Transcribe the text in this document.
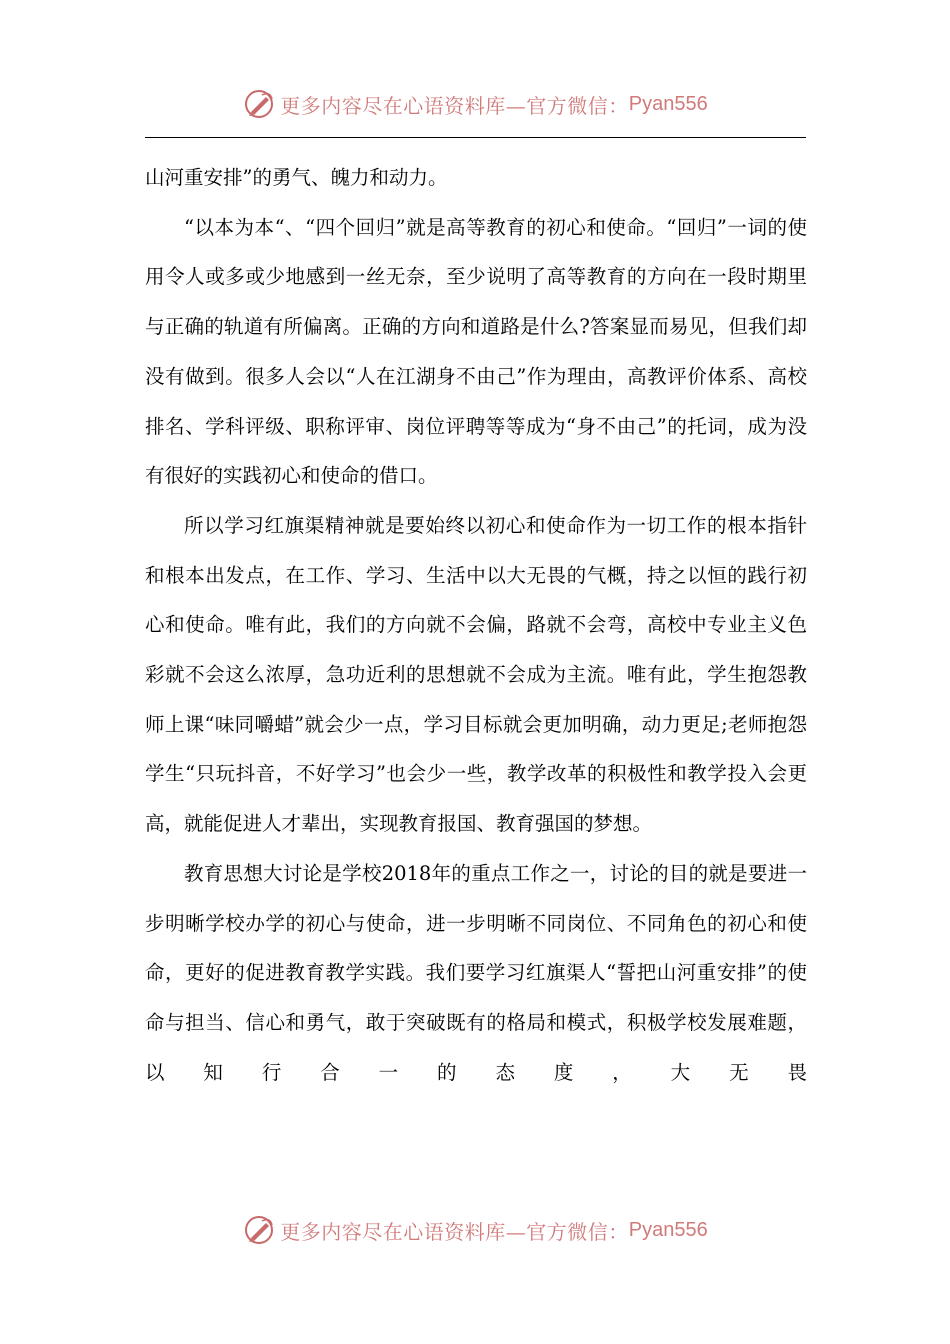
更多内容尽在心语资料库—官方微信： Pyan556

山河重安排”的勇气、魄力和动力。

“以本为本“、“四个回归”就是高等教育的初心和使命。“回归”一词的使用令人或多或少地感到一丝无奈，至少说明了高等教育的方向在一段时期里与正确的轨道有所偏离。正确的方向和道路是什么?答案显而易见，但我们却没有做到。很多人会以“人在江湖身不由己”作为理由，高教评价体系、高校排名、学科评级、职称评审、岗位评聘等等成为“身不由己”的托词，成为没有很好的实践初心和使命的借口。

所以学习红旗渠精神就是要始终以初心和使命作为一切工作的根本指针和根本出发点，在工作、学习、生活中以大无畏的气概，持之以恒的践行初心和使命。唯有此，我们的方向就不会偏，路就不会弯，高校中专业主义色彩就不会这么浓厚，急功近利的思想就不会成为主流。唯有此，学生抱怨教师上课“味同嚼蜡”就会少一点，学习目标就会更加明确，动力更足;老师抱怨学生“只玩抖音，不好学习”也会少一些，教学改革的积极性和教学投入会更高，就能促进人才辈出，实现教育报国、教育强国的梦想。

教育思想大讨论是学校2018年的重点工作之一，讨论的目的就是要进一步明晰学校办学的初心与使命，进一步明晰不同岗位、不同角色的初心和使命，更好的促进教育教学实践。我们要学习红旗渠人“誓把山河重安排”的使命与担当、信心和勇气，敢于突破既有的格局和模式，积极学校发展难题，以知行合一的态度，大无畏

更多内容尽在心语资料库—官方微信： Pyan556
